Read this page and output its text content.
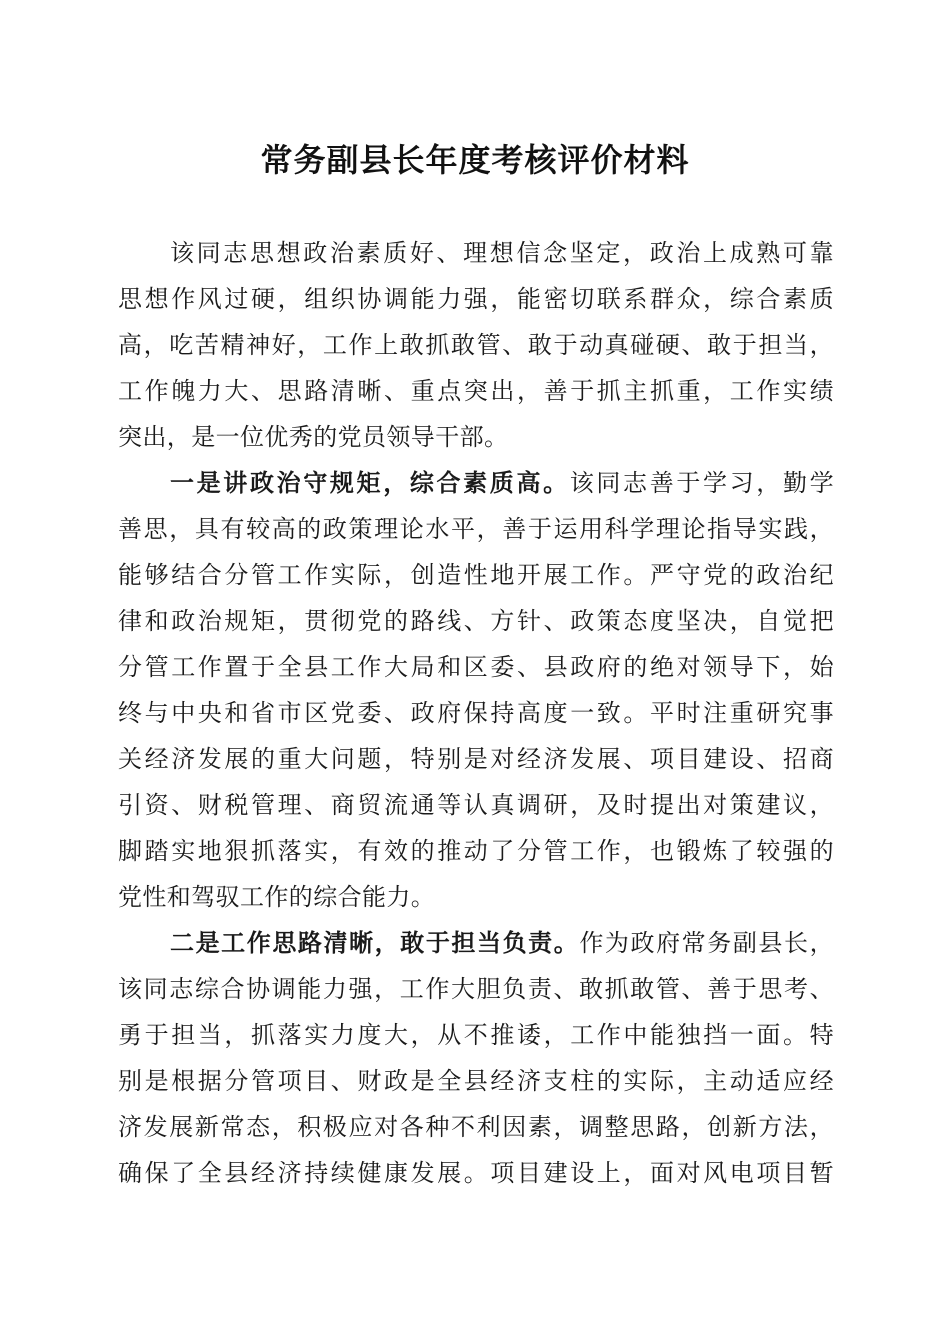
常务副县长年度考核评价材料
该同志思想政治素质好、理想信念坚定，政治上成熟可靠
思想作风过硬，组织协调能力强，能密切联系群众，综合素质
高，吃苦精神好，工作上敢抓敢管、敢于动真碰硬、敢于担当，
工作魄力大、思路清晰、重点突出，善于抓主抓重，工作实绩
突出，是一位优秀的党员领导干部。
一是讲政治守规矩，综合素质高。该同志善于学习，勤学
善思，具有较高的政策理论水平，善于运用科学理论指导实践，
能够结合分管工作实际，创造性地开展工作。严守党的政治纪
律和政治规矩，贯彻党的路线、方针、政策态度坚决，自觉把
分管工作置于全县工作大局和区委、县政府的绝对领导下，始
终与中央和省市区党委、政府保持高度一致。平时注重研究事
关经济发展的重大问题，特别是对经济发展、项目建设、招商
引资、财税管理、商贸流通等认真调研，及时提出对策建议，
脚踏实地狠抓落实，有效的推动了分管工作，也锻炼了较强的
党性和驾驭工作的综合能力。
二是工作思路清晰，敢于担当负责。作为政府常务副县长，
该同志综合协调能力强，工作大胆负责、敢抓敢管、善于思考、
勇于担当，抓落实力度大，从不推诿，工作中能独挡一面。特
别是根据分管项目、财政是全县经济支柱的实际，主动适应经
济发展新常态，积极应对各种不利因素，调整思路，创新方法，
确保了全县经济持续健康发展。项目建设上，面对风电项目暂
